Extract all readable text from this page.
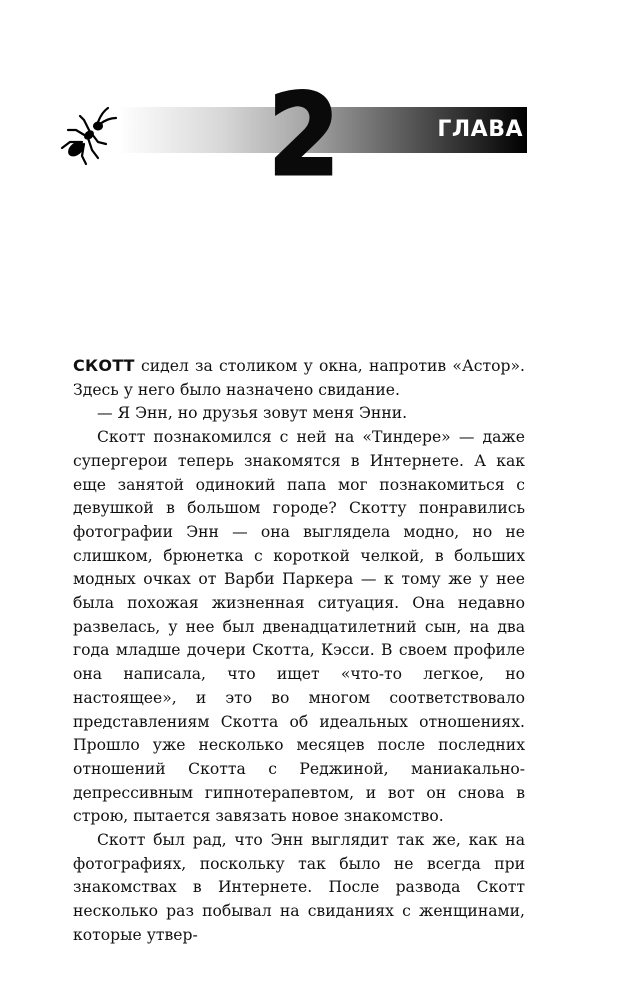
2	ГЛАВА

СКОТТ сидел за столиком у окна, напротив «Астор». Здесь у него было назначено свидание.

— Я Энн, но друзья зовут меня Энни.

Скотт познакомился с ней на «Тиндере» — даже супергерои теперь знакомятся в Интернете. А как еще занятой одинокий папа мог познакомиться с девушкой в большом городе? Скотту понравились фотографии Энн — она выглядела модно, но не слишком, брюнетка с короткой челкой, в больших модных очках от Варби Паркера — к тому же у нее была похожая жизненная ситуация. Она недавно развелась, у нее был двенадцатилетний сын, на два года младше дочери Скотта, Кэсси. В своем профиле она написала, что ищет «что-то легкое, но настоящее», и это во многом соответствовало представлениям Скотта об идеальных отношениях. Прошло уже несколько месяцев после последних отношений Скотта с Реджиной, маниакально-депрессивным гипнотерапевтом, и вот он снова в строю, пытается завязать новое знакомство.

Скотт был рад, что Энн выглядит так же, как на фотографиях, поскольку так было не всегда при знакомствах в Интернете. После развода Скотт несколько раз побывал на свиданиях с женщинами, которые утвер-
